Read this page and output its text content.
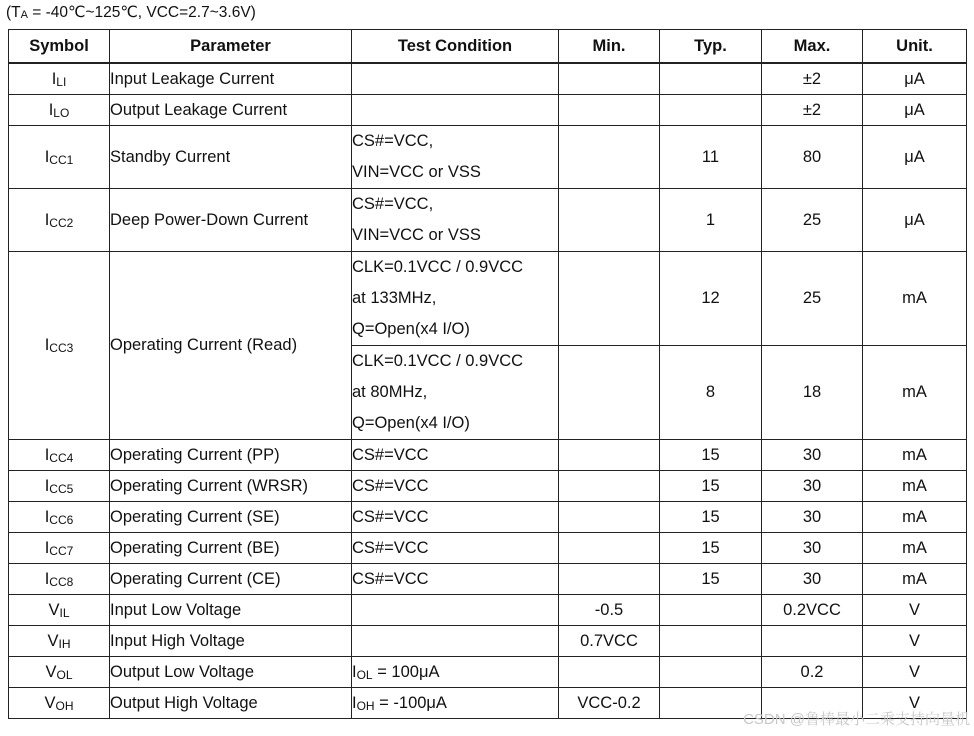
($T_A$ = -40℃~125℃, VCC=2.7~3.6V)
Symbol	Parameter	Test Condition	Min.	Typ.	Max.	Unit.
ILI	Input Leakage Current				±2	μA
ILO	Output Leakage Current				±2	μA
ICC1	Standby Current	CS#=VCC,
VIN=VCC or VSS		11	80	μA
ICC2	Deep Power-Down Current	CS#=VCC,
VIN=VCC or VSS		1	25	μA
ICC3	Operating Current (Read)	CLK=0.1VCC / 0.9VCC
at 133MHz,
Q=Open(x4 I/O)		12	25	mA

		CLK=0.1VCC / 0.9VCC
at 80MHz,
Q=Open(x4 I/O)		8	18	mA
ICC4	Operating Current (PP)	CS#=VCC		15	30	mA
ICC5	Operating Current (WRSR)	CS#=VCC		15	30	mA
ICC6	Operating Current (SE)	CS#=VCC		15	30	mA
ICC7	Operating Current (BE)	CS#=VCC		15	30	mA
ICC8	Operating Current (CE)	CS#=VCC		15	30	mA
VIL	Input Low Voltage		-0.5		0.2VCC	V
VIH	Input High Voltage		0.7VCC			V
VOL	Output Low Voltage	IOL = 100μA			0.2	V
VOH	Output High Voltage	IOH = -100μA	VCC-0.2			V
CSDN @鲁棒最小二乘支持向量机
